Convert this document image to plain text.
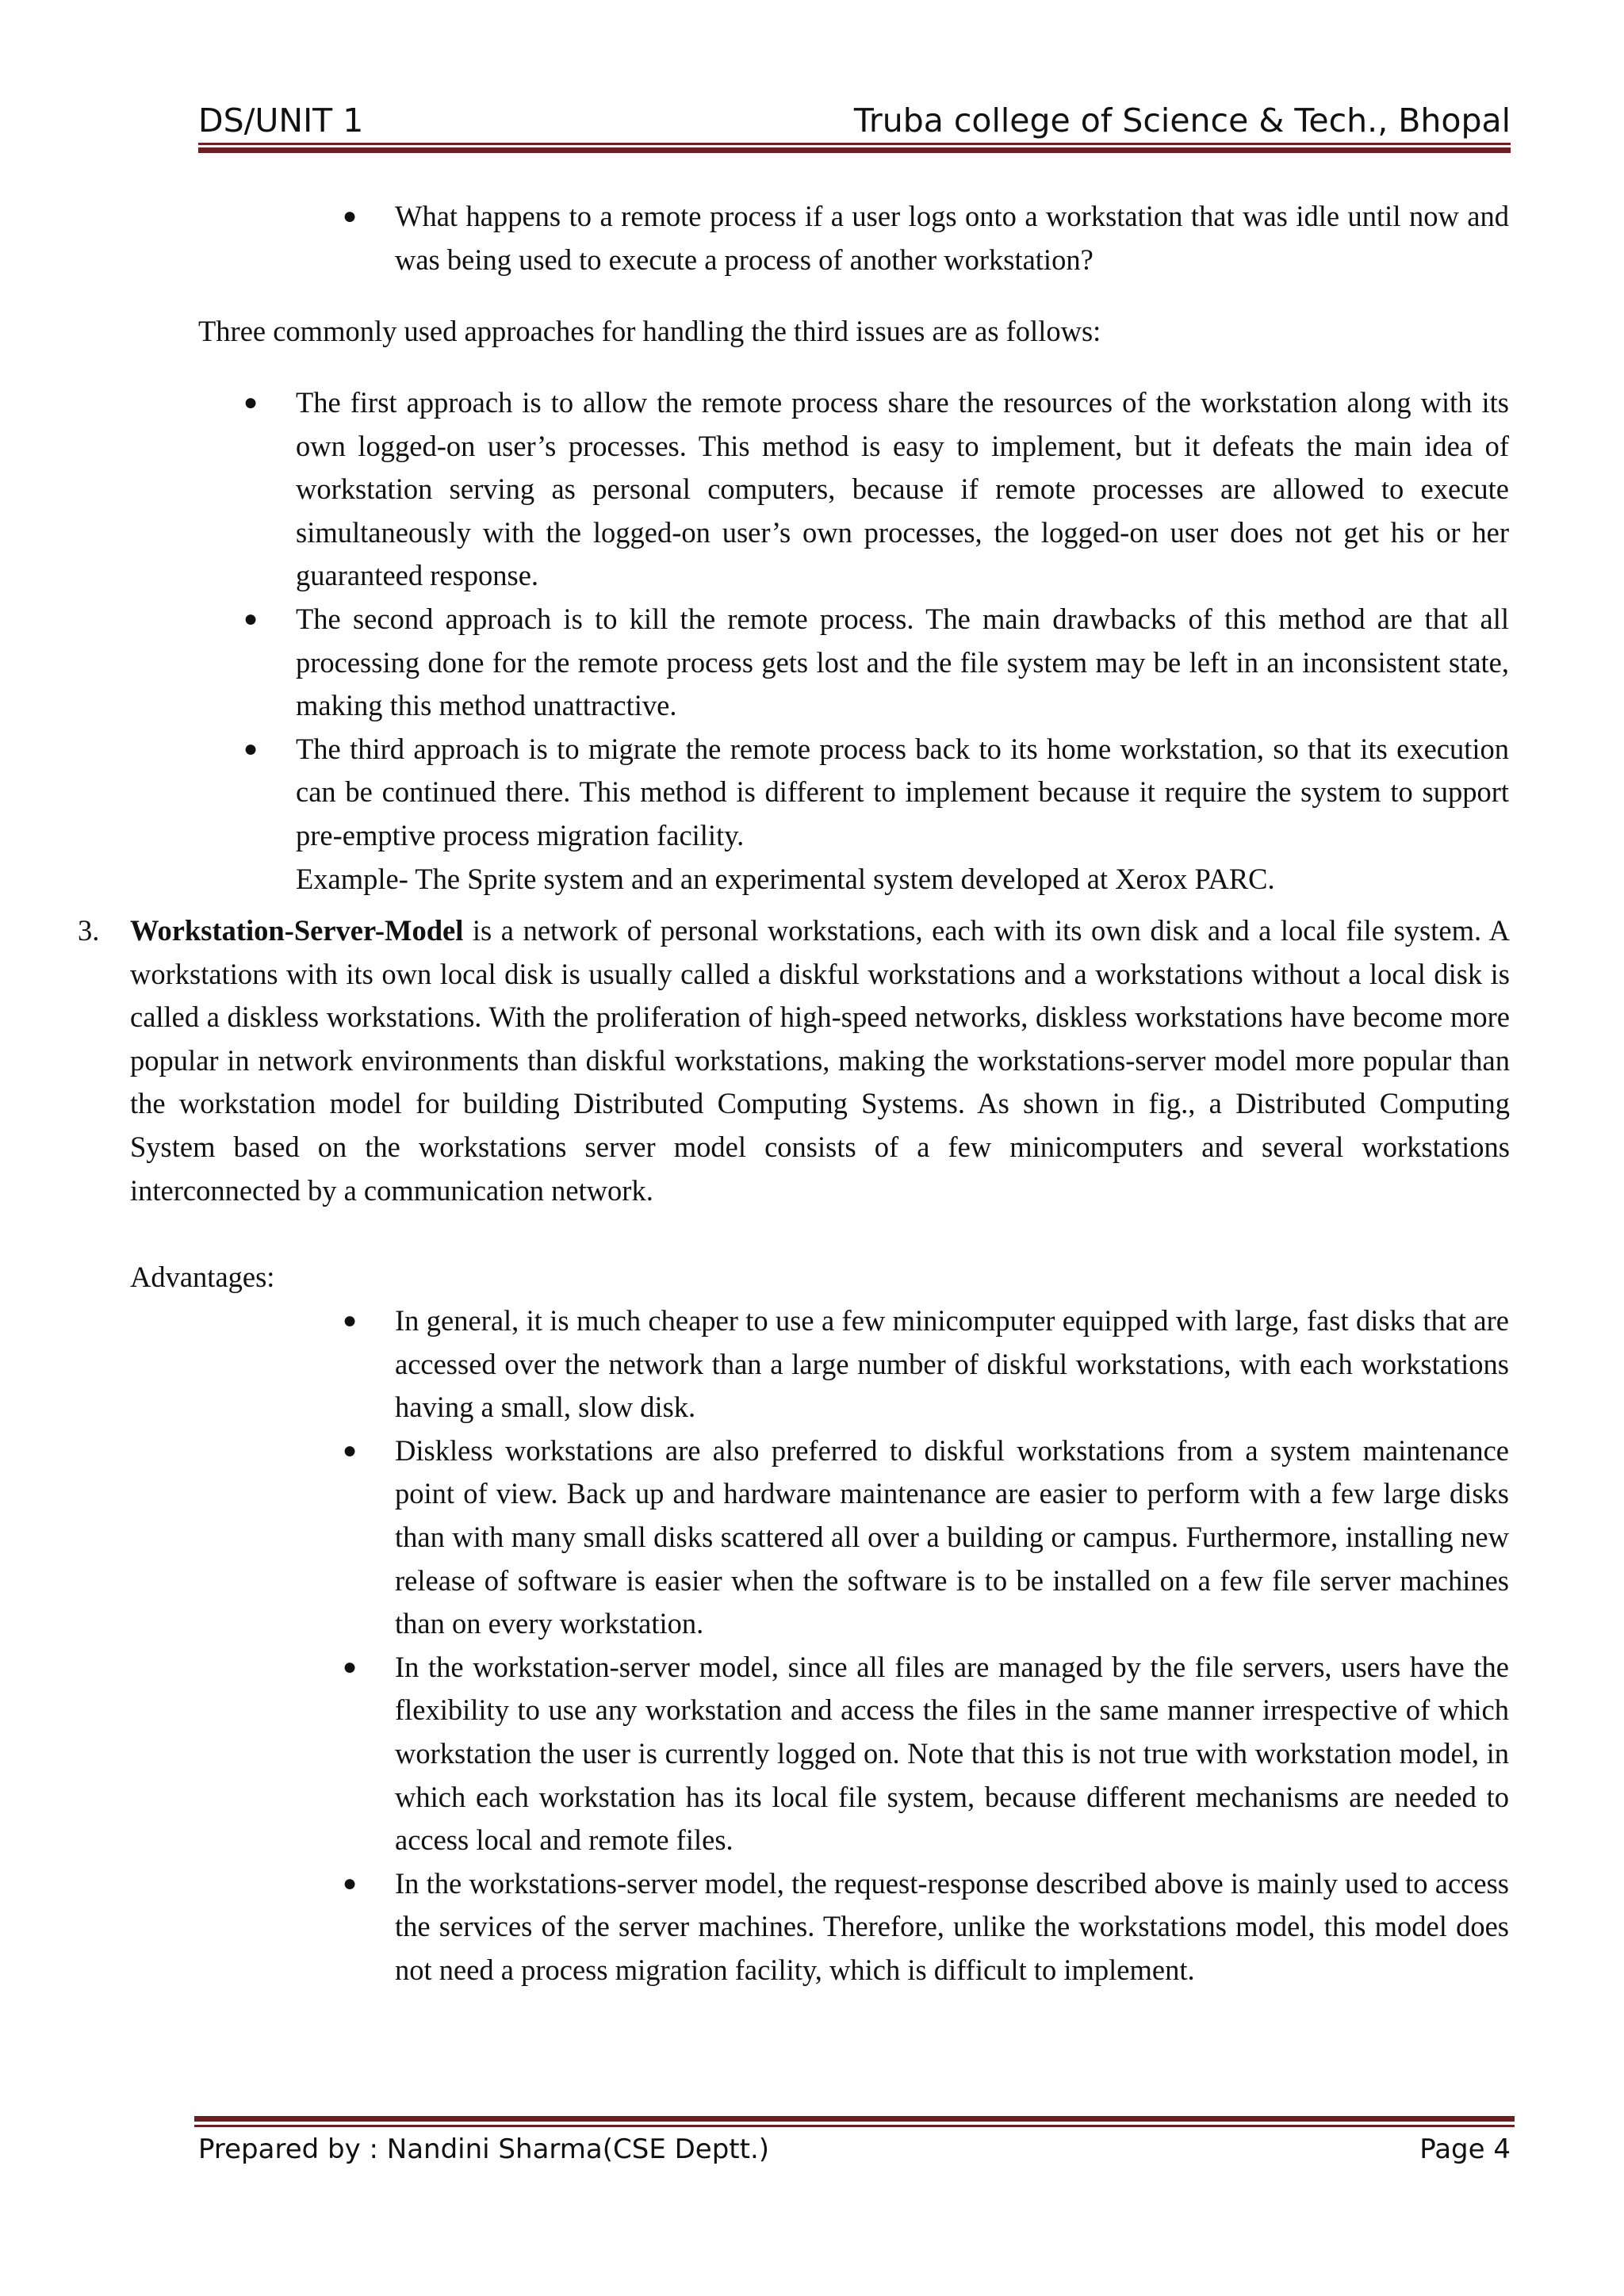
DS/UNIT 1	Truba college of Science & Tech., Bhopal
● What happens to a remote process if a user logs onto a workstation that was idle until now and was being used to execute a process of another workstation?

Three commonly used approaches for handling the third issues are as follows:

● The first approach is to allow the remote process share the resources of the workstation along with its own logged-on user’s processes. This method is easy to implement, but it defeats the main idea of workstation serving as personal computers, because if remote processes are allowed to execute simultaneously with the logged-on user’s own processes, the logged-on user does not get his or her guaranteed response.
● The second approach is to kill the remote process. The main drawbacks of this method are that all processing done for the remote process gets lost and the file system may be left in an inconsistent state, making this method unattractive.
● The third approach is to migrate the remote process back to its home workstation, so that its execution can be continued there. This method is different to implement because it require the system to support pre-emptive process migration facility.
Example- The Sprite system and an experimental system developed at Xerox PARC.
3. Workstation-Server-Model is a network of personal workstations, each with its own disk and a local file system. A workstations with its own local disk is usually called a diskful workstations and a workstations without a local disk is called a diskless workstations. With the proliferation of high-speed networks, diskless workstations have become more popular in network environments than diskful workstations, making the workstations-server model more popular than the workstation model for building Distributed Computing Systems. As shown in fig., a Distributed Computing System based on the workstations server model consists of a few minicomputers and several workstations interconnected by a communication network.

Advantages:

● In general, it is much cheaper to use a few minicomputer equipped with large, fast disks that are accessed over the network than a large number of diskful workstations, with each workstations having a small, slow disk.
● Diskless workstations are also preferred to diskful workstations from a system maintenance point of view. Back up and hardware maintenance are easier to perform with a few large disks than with many small disks scattered all over a building or campus. Furthermore, installing new release of software is easier when the software is to be installed on a few file server machines than on every workstation.
● In the workstation-server model, since all files are managed by the file servers, users have the flexibility to use any workstation and access the files in the same manner irrespective of which workstation the user is currently logged on. Note that this is not true with workstation model, in which each workstation has its local file system, because different mechanisms are needed to access local and remote files.
● In the workstations-server model, the request-response described above is mainly used to access the services of the server machines. Therefore, unlike the workstations model, this model does not need a process migration facility, which is difficult to implement.
Prepared by : Nandini Sharma(CSE Deptt.)	Page 4
